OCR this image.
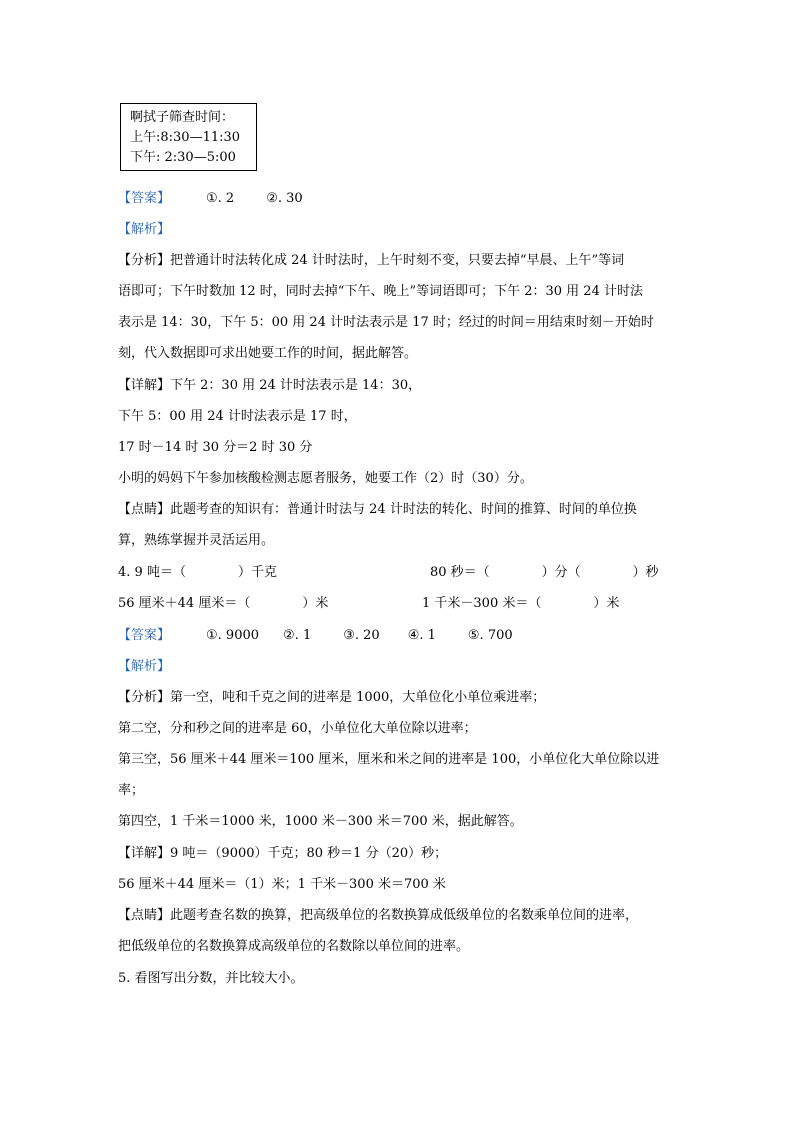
啊拭子筛查时间：
上午:8:30—11:30
下午: 2:30—5:00
【答案】	①. 2 ②. 30
【解析】
【分析】把普通计时法转化成 24 计时法时，上午时刻不变，只要去掉“早晨、上午”等词
语即可；下午时数加 12 时，同时去掉“下午、晚上”等词语即可；下午 2：30 用 24 计时法
表示是 14：30，下午 5：00 用 24 计时法表示是 17 时；经过的时间＝用结束时刻－开始时
刻，代入数据即可求出她要工作的时间，据此解答。
【详解】下午 2：30 用 24 计时法表示是 14：30，
下午 5：00 用 24 计时法表示是 17 时，
17 时－14 时 30 分＝2 时 30 分
小明的妈妈下午参加核酸检测志愿者服务，她要工作（2）时（30）分。
【点睛】此题考查的知识有：普通计时法与 24 计时法的转化、时间的推算、时间的单位换
算，熟练掌握并灵活运用。
4. 9 吨＝（　　　　）千克	80 秒＝（　　　　）分（　　　　）秒
56 厘米＋44 厘米＝（　　　　）米	1 千米－300 米＝（　　　　）米
【答案】	①. 9000 ②. 1 ③. 20 ④. 1 ⑤. 700
【解析】
【分析】第一空，吨和千克之间的进率是 1000，大单位化小单位乘进率；
第二空，分和秒之间的进率是 60，小单位化大单位除以进率；
第三空，56 厘米＋44 厘米＝100 厘米，厘米和米之间的进率是 100，小单位化大单位除以进
率；
第四空，1 千米＝1000 米，1000 米－300 米＝700 米，据此解答。
【详解】9 吨＝（9000）千克；80 秒＝1 分（20）秒；
56 厘米＋44 厘米＝（1）米；1 千米－300 米＝700 米
【点睛】此题考查名数的换算，把高级单位的名数换算成低级单位的名数乘单位间的进率，
把低级单位的名数换算成高级单位的名数除以单位间的进率。
5. 看图写出分数，并比较大小。
